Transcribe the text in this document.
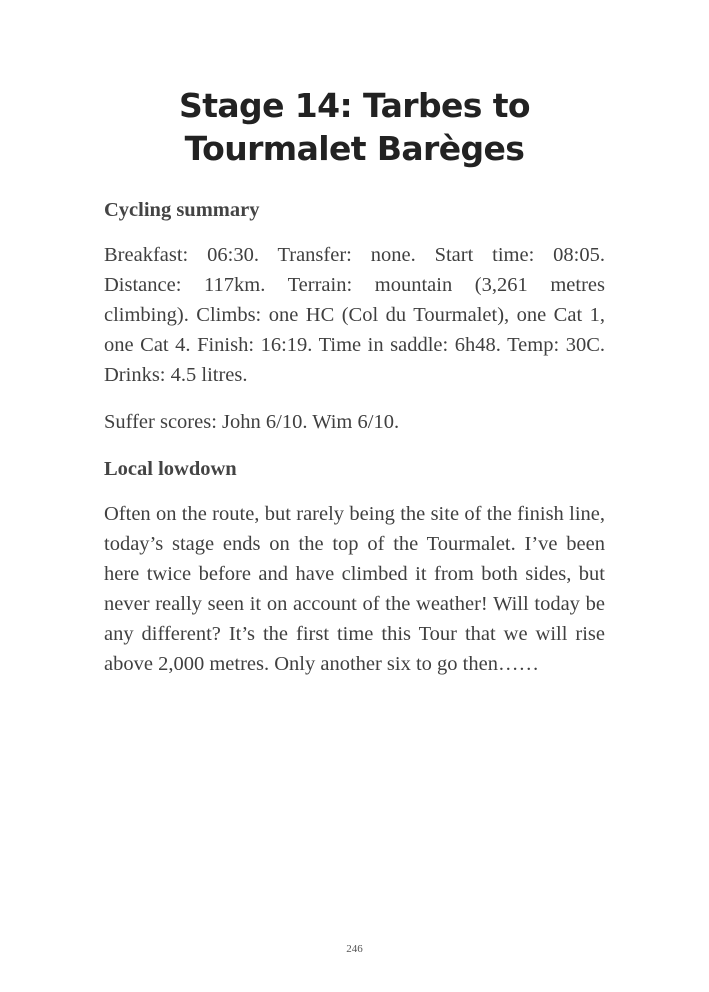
Stage 14: Tarbes to Tourmalet Barèges
Cycling summary

Breakfast: 06:30. Transfer: none. Start time: 08:05. Distance: 117km. Terrain: mountain (3,261 metres climbing). Climbs: one HC (Col du Tourmalet), one Cat 1, one Cat 4. Finish: 16:19. Time in saddle: 6h48. Temp: 30C. Drinks: 4.5 litres.

Suffer scores: John 6/10. Wim 6/10.

Local lowdown

Often on the route, but rarely being the site of the finish line, today’s stage ends on the top of the Tourmalet. I’ve been here twice before and have climbed it from both sides, but never really seen it on account of the weather! Will today be any different? It’s the first time this Tour that we will rise above 2,000 metres. Only another six to go then……

246
